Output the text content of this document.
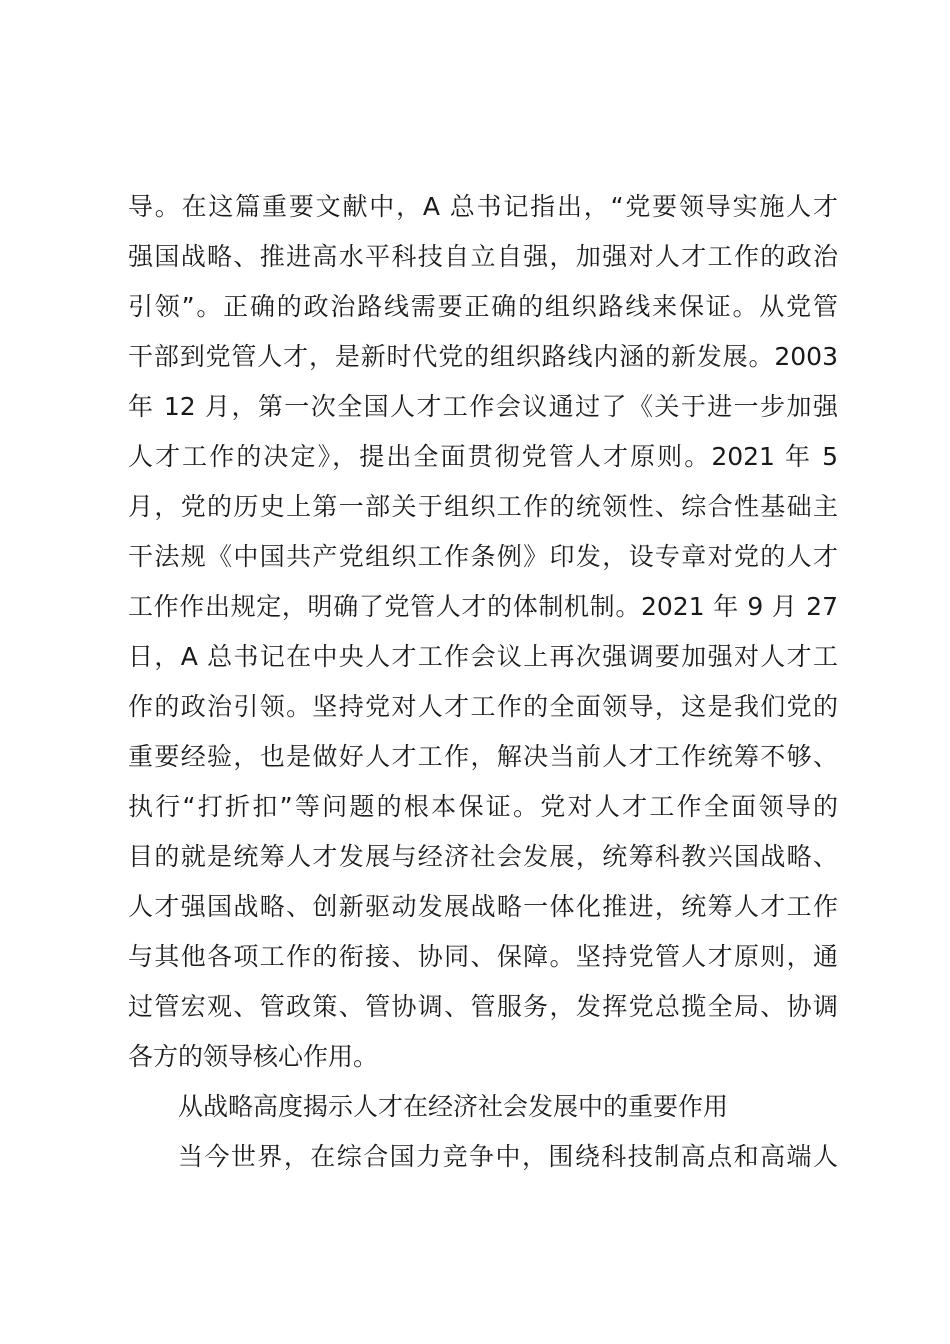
导。在这篇重要文献中，A 总书记指出，“党要领导实施人才
强国战略、推进高水平科技自立自强，加强对人才工作的政治
引领”。正确的政治路线需要正确的组织路线来保证。从党管
干部到党管人才，是新时代党的组织路线内涵的新发展。2003
年 12 月，第一次全国人才工作会议通过了《关于进一步加强
人才工作的决定》，提出全面贯彻党管人才原则。2021 年 5
月，党的历史上第一部关于组织工作的统领性、综合性基础主
干法规《中国共产党组织工作条例》印发，设专章对党的人才
工作作出规定，明确了党管人才的体制机制。2021 年 9 月 27
日，A 总书记在中央人才工作会议上再次强调要加强对人才工
作的政治引领。坚持党对人才工作的全面领导，这是我们党的
重要经验，也是做好人才工作，解决当前人才工作统筹不够、
执行“打折扣”等问题的根本保证。党对人才工作全面领导的
目的就是统筹人才发展与经济社会发展，统筹科教兴国战略、
人才强国战略、创新驱动发展战略一体化推进，统筹人才工作
与其他各项工作的衔接、协同、保障。坚持党管人才原则，通
过管宏观、管政策、管协调、管服务，发挥党总揽全局、协调
各方的领导核心作用。
从战略高度揭示人才在经济社会发展中的重要作用
当今世界，在综合国力竞争中，围绕科技制高点和高端人
